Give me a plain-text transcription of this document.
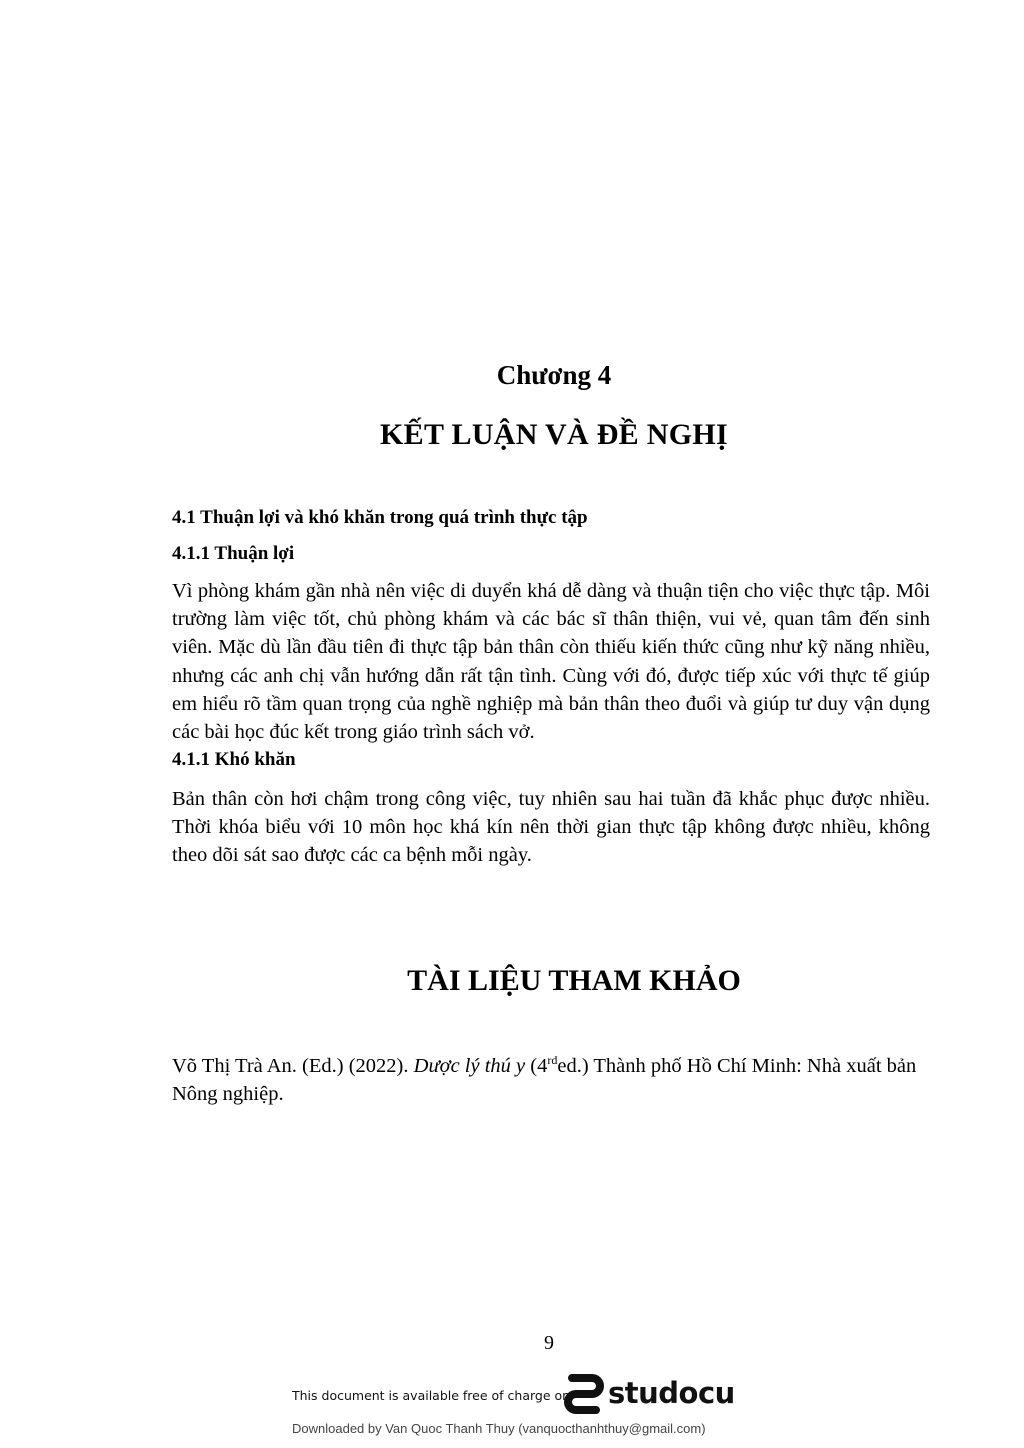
Chương 4
KẾT LUẬN VÀ ĐỀ NGHỊ
4.1 Thuận lợi và khó khăn trong quá trình thực tập
4.1.1 Thuận lợi
Vì phòng khám gần nhà nên việc di duyển khá dễ dàng và thuận tiện cho việc thực tập. Môi trường làm việc tốt, chủ phòng khám và các bác sĩ thân thiện, vui vẻ, quan tâm đến sinh viên. Mặc dù lần đầu tiên đi thực tập bản thân còn thiếu kiến thức cũng như kỹ năng nhiều, nhưng các anh chị vẫn hướng dẫn rất tận tình. Cùng với đó, được tiếp xúc với thực tế giúp em hiểu rõ tầm quan trọng của nghề nghiệp mà bản thân theo đuổi và giúp tư duy vận dụng các bài học đúc kết trong giáo trình sách vở.
4.1.1 Khó khăn
Bản thân còn hơi chậm trong công việc, tuy nhiên sau hai tuần đã khắc phục được nhiều. Thời khóa biểu với 10 môn học khá kín nên thời gian thực tập không được nhiều, không theo dõi sát sao được các ca bệnh mỗi ngày.
TÀI LIỆU THAM KHẢO
Võ Thị Trà An. (Ed.) (2022). Dược lý thú y (4rded.) Thành phố Hồ Chí Minh: Nhà xuất bản Nông nghiệp.
9
This document is available free of charge on studocu
Downloaded by Van Quoc Thanh Thuy (vanquocthanhthuy@gmail.com)
